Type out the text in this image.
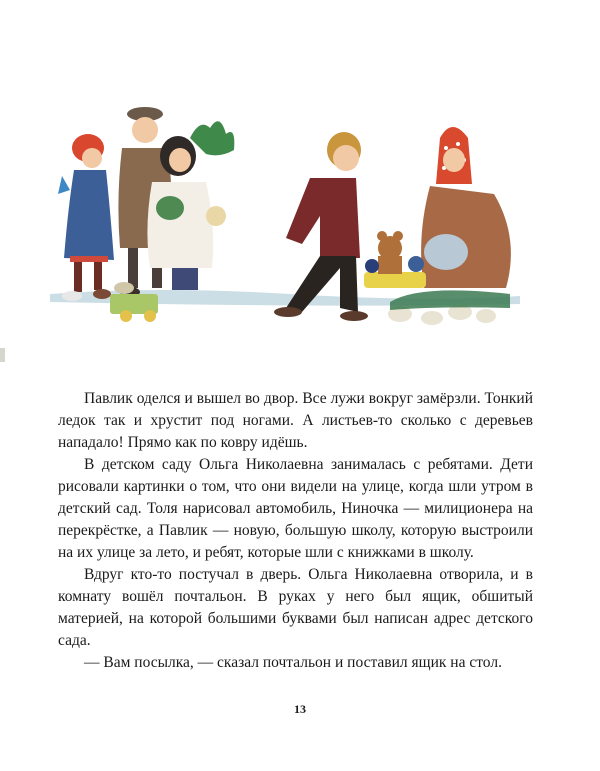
Павлик оделся и вышел во двор. Все лужи вокруг замёрзли. Тонкий ледок так и хрустит под ногами. А листьев-то сколько с деревьев нападало! Прямо как по ковру идёшь.

В детском саду Ольга Николаевна занималась с ребятами. Дети рисовали картинки о том, что они видели на улице, когда шли утром в детский сад. Толя нарисовал автомобиль, Ниночка — милиционера на перекрёстке, а Павлик — новую, большую школу, которую выстроили на их улице за лето, и ребят, которые шли с книжками в школу.

Вдруг кто-то постучал в дверь. Ольга Николаевна отворила, и в комнату вошёл почтальон. В руках у него был ящик, обшитый материей, на которой большими буквами был написан адрес детского сада.

— Вам посылка, — сказал почтальон и поставил ящик на стол.

13
